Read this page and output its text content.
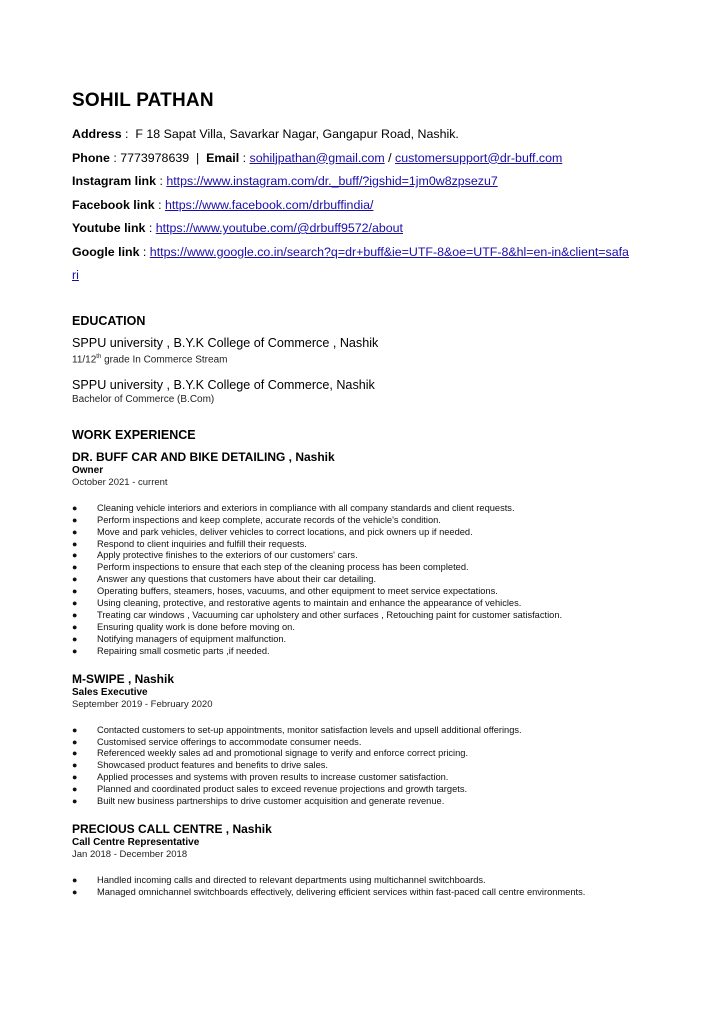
SOHIL PATHAN
Address :  F 18 Sapat Villa, Savarkar Nagar, Gangapur Road, Nashik.
Phone : 7773978639 | Email : sohiljpathan@gmail.com / customersupport@dr-buff.com
Instagram link : https://www.instagram.com/dr._buff/?igshid=1jm0w8zpsezu7
Facebook link : https://www.facebook.com/drbuffindia/
Youtube link : https://www.youtube.com/@drbuff9572/about
Google link : https://www.google.co.in/search?q=dr+buff&ie=UTF-8&oe=UTF-8&hl=en-in&client=safari
EDUCATION
SPPU university , B.Y.K College of Commerce , Nashik
11/12th grade In Commerce Stream
SPPU university , B.Y.K College of Commerce, Nashik
Bachelor of Commerce (B.Com)
WORK EXPERIENCE
DR. BUFF CAR AND BIKE DETAILING , Nashik
Owner
October 2021 - current
● Cleaning vehicle interiors and exteriors in compliance with all company standards and client requests.
● Perform inspections and keep complete, accurate records of the vehicle's condition.
● Move and park vehicles, deliver vehicles to correct locations, and pick owners up if needed.
● Respond to client inquiries and fulfill their requests.
● Apply protective finishes to the exteriors of our customers' cars.
● Perform inspections to ensure that each step of the cleaning process has been completed.
● Answer any questions that customers have about their car detailing.
● Operating buffers, steamers, hoses, vacuums, and other equipment to meet service expectations.
● Using cleaning, protective, and restorative agents to maintain and enhance the appearance of vehicles.
● Treating car windows , Vacuuming car upholstery and other surfaces , Retouching paint for customer satisfaction.
● Ensuring quality work is done before moving on.
● Notifying managers of equipment malfunction.
● Repairing small cosmetic parts ,if needed.
M-SWIPE , Nashik
Sales Executive
September 2019 - February 2020
● Contacted customers to set-up appointments, monitor satisfaction levels and upsell additional offerings.
● Customised service offerings to accommodate consumer needs.
● Referenced weekly sales ad and promotional signage to verify and enforce correct pricing.
● Showcased product features and benefits to drive sales.
● Applied processes and systems with proven results to increase customer satisfaction.
● Planned and coordinated product sales to exceed revenue projections and growth targets.
● Built new business partnerships to drive customer acquisition and generate revenue.
PRECIOUS CALL CENTRE , Nashik
Call Centre Representative
Jan 2018 - December 2018
● Handled incoming calls and directed to relevant departments using multichannel switchboards.
● Managed omnichannel switchboards effectively, delivering efficient services within fast-paced call centre environments.
